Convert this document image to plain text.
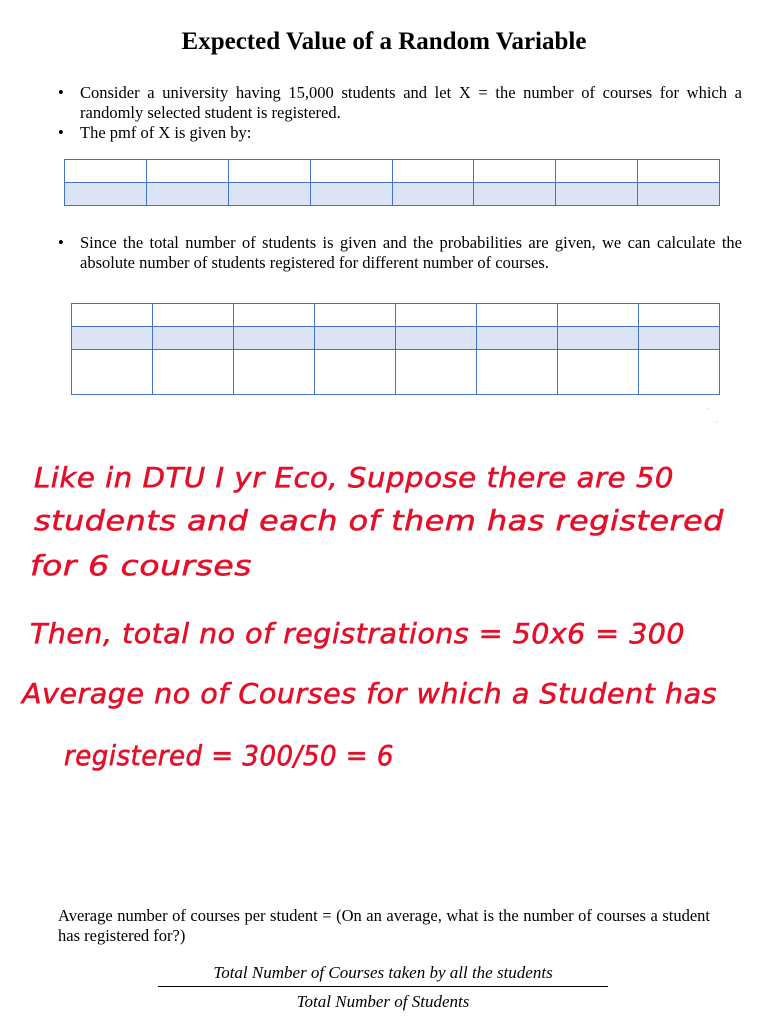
Expected Value of a Random Variable
• Consider a university having 15,000 students and let X = the number of courses for which a randomly selected student is registered.
• The pmf of X is given by:

• Since the total number of students is given and the probabilities are given, we can calculate the absolute number of students registered for different number of courses.

'
,
Like in DTU I yr Eco, Suppose there are 50
students and each of them has registered
for 6 courses
Then, total no of registrations = 50x6 = 300
Average no of Courses for which a Student has
registered = 300/50 = 6
Average number of courses per student = (On an average, what is the number of courses a student has registered for?)
Total Number of Courses taken by all the students
Total Number of Students
